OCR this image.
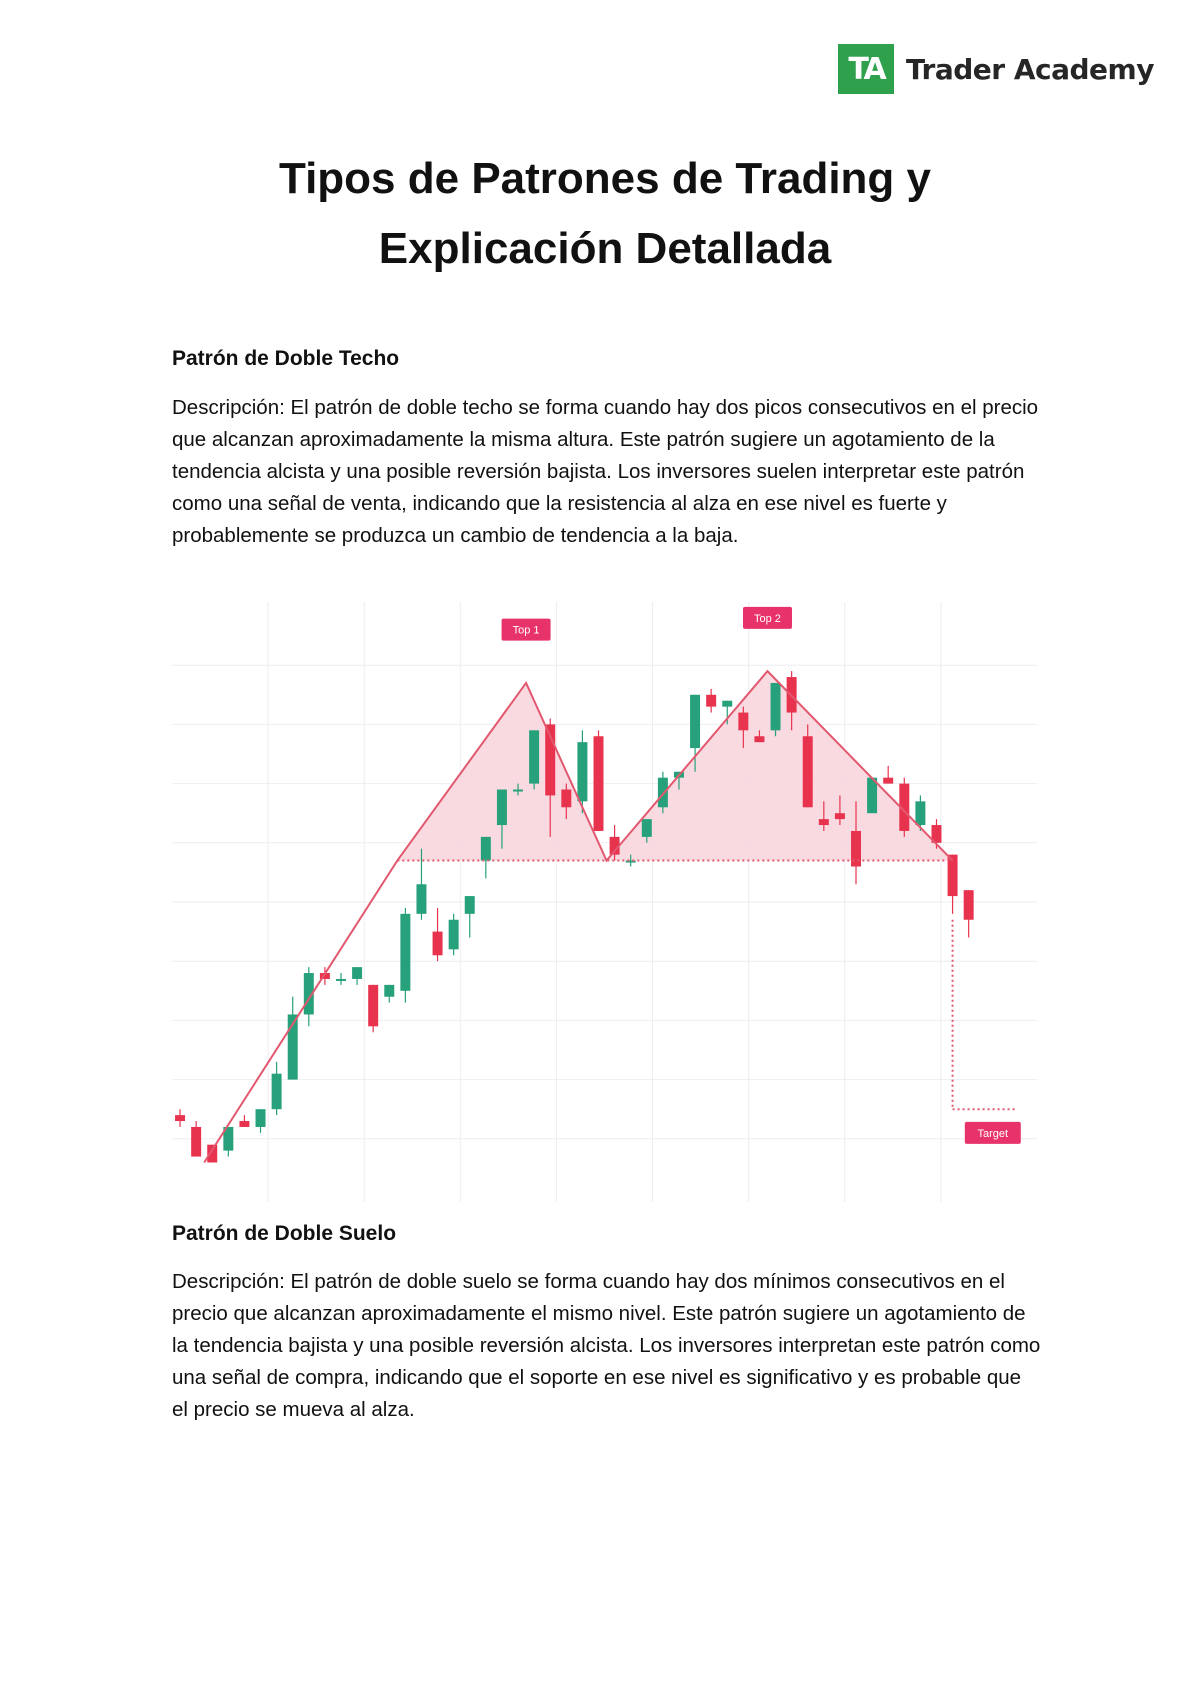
TA Trader Academy
Tipos de Patrones de Trading y Explicación Detallada
Patrón de Doble Techo

Descripción: El patrón de doble techo se forma cuando hay dos picos consecutivos en el precio que alcanzan aproximadamente la misma altura. Este patrón sugiere un agotamiento de la tendencia alcista y una posible reversión bajista. Los inversores suelen interpretar este patrón como una señal de venta, indicando que la resistencia al alza en ese nivel es fuerte y probablemente se produzca un cambio de tendencia a la baja.

Top 1
Top 2
Target
Patrón de Doble Suelo

Descripción: El patrón de doble suelo se forma cuando hay dos mínimos consecutivos en el precio que alcanzan aproximadamente el mismo nivel. Este patrón sugiere un agotamiento de la tendencia bajista y una posible reversión alcista. Los inversores interpretan este patrón como una señal de compra, indicando que el soporte en ese nivel es significativo y es probable que el precio se mueva al alza.
